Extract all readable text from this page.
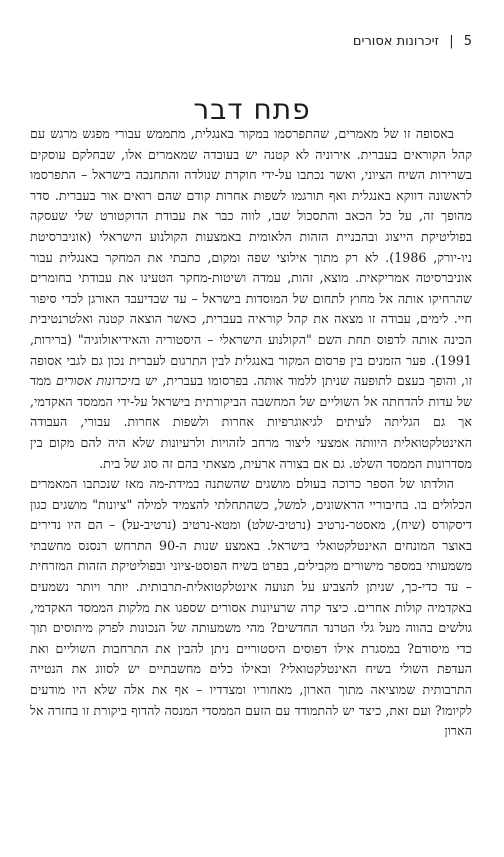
5 | זיכרונות אסורים
פתח דבר

באסופה זו של מאמרים, שהתפרסמו במקור באנגלית, מתממש עבורי מפגש מרגש עם קהל הקוראים בעברית. אירוניה לא קטנה יש בעובדה שמאמרים אלו, שבחלקם עוסקים בשרירות השיח הציוני, ואשר נכתבו על-ידי חוקרת שנולדה והתחנכה בישראל – התפרסמו לראשונה דווקא באנגלית ואף תורגמו לשפות אחרות קודם שהם רואים אור בעברית. סדר מהופך זה, על כל הכאב והתסכול שבו, לווה כבר את עבודת הדוקטורט שלי שעסקה בפוליטיקת הייצוג ובהבניית הזהות הלאומית באמצעות הקולנוע הישראלי (אוניברסיטת ניו-יורק, 1986). לא רק מתוך אילוצי שפה ומקום, כתבתי את המחקר באנגלית עבור אוניברסיטה אמריקאית. מוצא, זהות, עמדה ושיטות-מחקר הטעינו את עבודתי בחומרים שהרחיקו אותה אל מחוץ לתחום של המוסדות בישראל – עד שבדיעבד האורגן לכדי סיפור חיי. לימים, עבודה זו מצאה את קהל קוראיה בעברית, כאשר הוצאה קטנה ואלטרנטיבית הכינה אותה לדפוס תחת השם "הקולנוע הישראלי – היסטוריה והאידיאולוגיה" (ברירות, 1991). פער הזמנים בין פרסום המקור באנגלית לבין התרגום לעברית נכון גם לגבי אסופה זו, והופך בעצם לתופעה שניתן ללמוד אותה. בפרסומו בעברית, יש בזיכרונות אסורים ממד של עדות להדחתה אל השוליים של המחשבה הביקורתית בישראל על-ידי הממסד האקדמי, אך גם הגליתה לעיתים לגיאוגרפיות אחרות ולשפות אחרות. עבורי, העבודה האינטלקטואלית היוותה אמצעי ליצור מרחב לזהויות ולרעיונות שלא היה להם מקום בין מסדרונות הממסד השלט. גם אם בצורה ארעית, מצאתי בהם זה סוג של בית.

הולדתו של הספר כרוכה בעולם מושגים שהשתנה במידת-מה מאז שנכתבו המאמרים הכלולים בו. בחיבוריי הראשונים, למשל, כשהתחלתי להצמיד למילה "ציונות" מושגים כגון דיסקורס (שיח), מאסטר-נרטיב (נרטיב-שלט) ומטא-נרטיב (נרטיב-על) – הם היו נדירים באוצר המונחים האינטלקטואלי בישראל. באמצע שנות ה-90 התרחש רנסנס מחשבתי משמעותי במספר מישורים מקבילים, בפרט בשיח הפוסט-ציוני ובפוליטיקת הזהות המזרחית – עד כדי-כך, שניתן להצביע על תנועה אינטלקטואלית-תרבותית. יותר ויותר נשמעים באקדמיה קולות אחרים. כיצד קרה שרעיונות אסורים שספגו את מלקות הממסד האקדמי, גולשים בהווה מעל גלי הטרנד החדשים? מהי משמעותה של הנכונות לפרק מיתוסים תוך כדי מיסודם? במסגרת אילו דפוסים היסטוריים ניתן להבין את התרחבות השוליים ואת העדפת השולי בשיח האינטלקטואלי? ובאילו כלים מחשבתיים יש לסווג את הנטייה התרבותית שמוציאה מתוך הארון, מאחוריו ומצדדיו – אף את אלה שלא היו מודעים לקיומו? ועם זאת, כיצד יש להתמודד עם הזעם הממסדי המנסה להדוף ביקורת זו בחזרה אל הארון
